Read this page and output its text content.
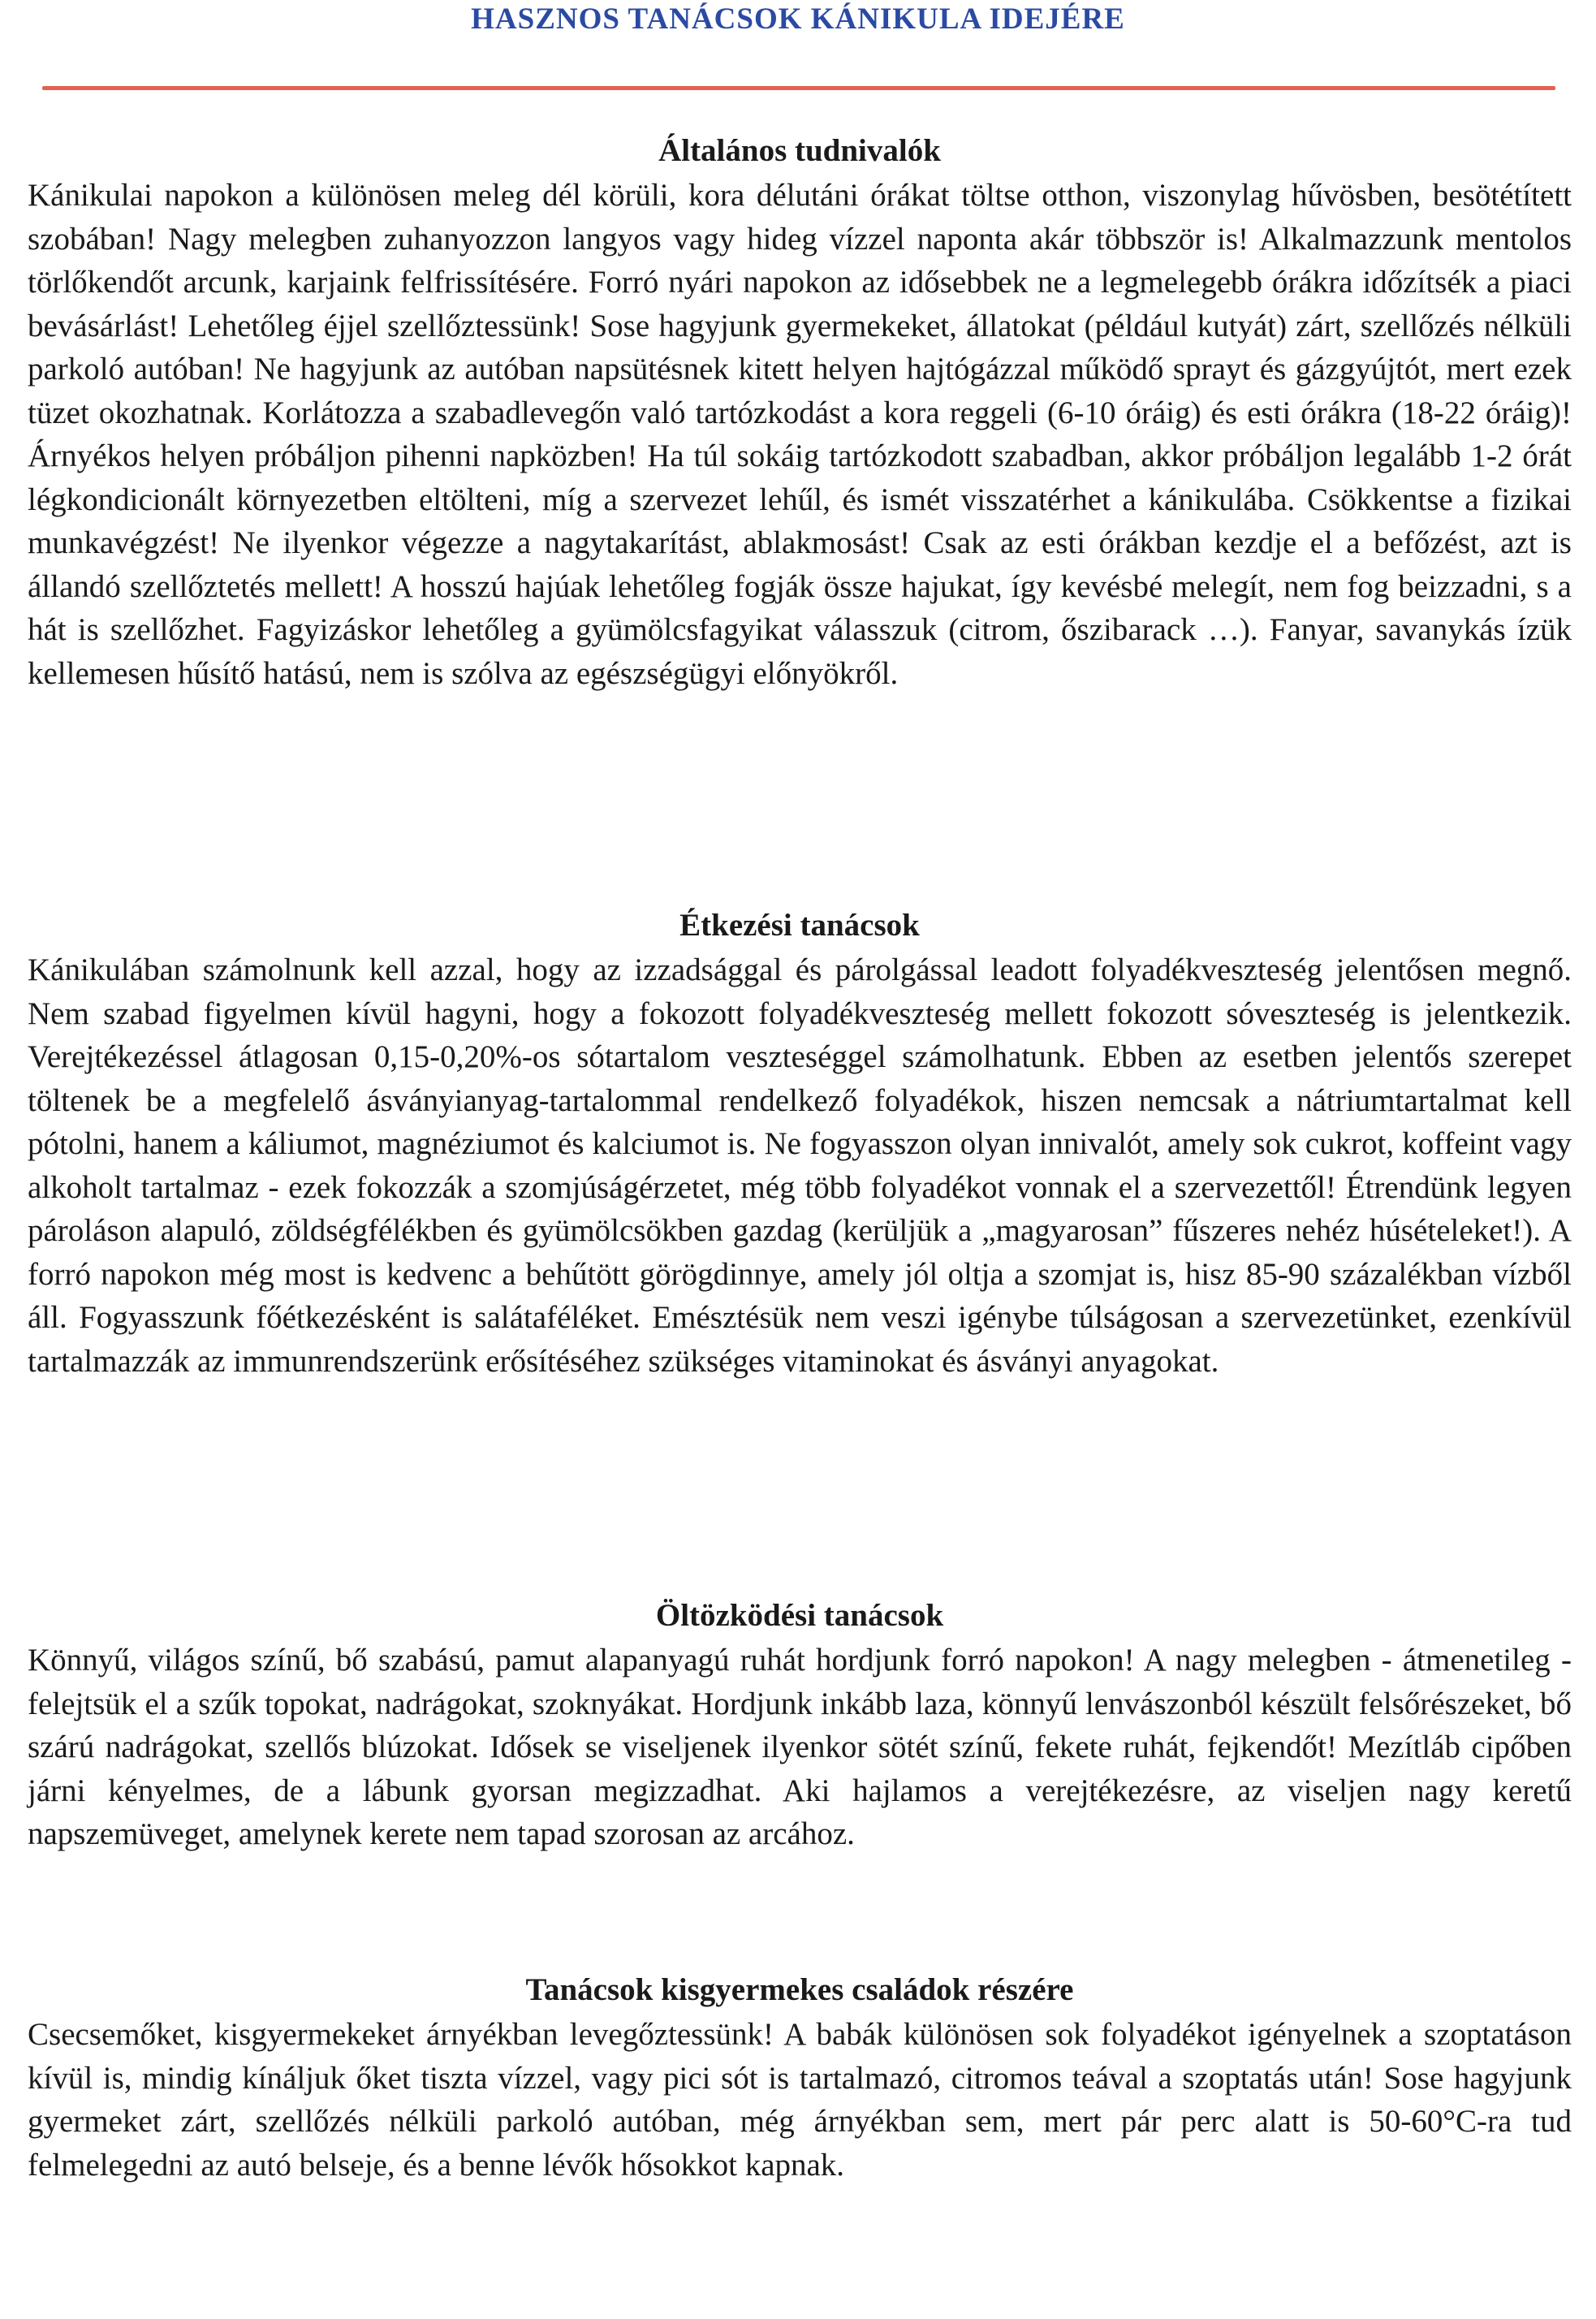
HASZNOS TANÁCSOK KÁNIKULA IDEJÉRE
Általános tudnivalók

Kánikulai napokon a különösen meleg dél körüli, kora délutáni órákat töltse otthon, viszonylag hűvösben, besötétített szobában! Nagy melegben zuhanyozzon langyos vagy hideg vízzel naponta akár többször is! Alkalmazzunk mentolos törlőkendőt arcunk, karjaink felfrissítésére. Forró nyári napokon az idősebbek ne a legmelegebb órákra időzítsék a piaci bevásárlást! Lehetőleg éjjel szellőztessünk! Sose hagyjunk gyermekeket, állatokat (például kutyát) zárt, szellőzés nélküli parkoló autóban! Ne hagyjunk az autóban napsütésnek kitett helyen hajtógázzal működő sprayt és gázgyújtót, mert ezek tüzet okozhatnak. Korlátozza a szabadlevegőn való tartózkodást a kora reggeli (6-10 óráig) és esti órákra (18-22 óráig)! Árnyékos helyen próbáljon pihenni napközben! Ha túl sokáig tartózkodott szabadban, akkor próbáljon legalább 1-2 órát légkondicionált környezetben eltölteni, míg a szervezet lehűl, és ismét visszatérhet a kánikulába. Csökkentse a fizikai munkavégzést! Ne ilyenkor végezze a nagytakarítást, ablakmosást! Csak az esti órákban kezdje el a befőzést, azt is állandó szellőztetés mellett! A hosszú hajúak lehetőleg fogják össze hajukat, így kevésbé melegít, nem fog beizzadni, s a hát is szellőzhet. Fagyizáskor lehetőleg a gyümölcsfagyikat válasszuk (citrom, őszibarack …). Fanyar, savanykás ízük kellemesen hűsítő hatású, nem is szólva az egészségügyi előnyökről.

Étkezési tanácsok

Kánikulában számolnunk kell azzal, hogy az izzadsággal és párolgással leadott folyadékveszteség jelentősen megnő. Nem szabad figyelmen kívül hagyni, hogy a fokozott folyadékveszteség mellett fokozott sóveszteség is jelentkezik. Verejtékezéssel átlagosan 0,15-0,20%-os sótartalom veszteséggel számolhatunk. Ebben az esetben jelentős szerepet töltenek be a megfelelő ásványianyag-tartalommal rendelkező folyadékok, hiszen nemcsak a nátriumtartalmat kell pótolni, hanem a káliumot, magnéziumot és kalciumot is. Ne fogyasszon olyan innivalót, amely sok cukrot, koffeint vagy alkoholt tartalmaz - ezek fokozzák a szomjúságérzetet, még több folyadékot vonnak el a szervezettől! Étrendünk legyen pároláson alapuló, zöldségfélékben és gyümölcsökben gazdag (kerüljük a „magyarosan” fűszeres nehéz húsételeket!). A forró napokon még most is kedvenc a behűtött görögdinnye, amely jól oltja a szomjat is, hisz 85-90 százalékban vízből áll. Fogyasszunk főétkezésként is salátaféléket. Emésztésük nem veszi igénybe túlságosan a szervezetünket, ezenkívül tartalmazzák az immunrendszerünk erősítéséhez szükséges vitaminokat és ásványi anyagokat.

Öltözködési tanácsok

Könnyű, világos színű, bő szabású, pamut alapanyagú ruhát hordjunk forró napokon! A nagy melegben - átmenetileg - felejtsük el a szűk topokat, nadrágokat, szoknyákat. Hordjunk inkább laza, könnyű lenvászonból készült felsőrészeket, bő szárú nadrágokat, szellős blúzokat. Idősek se viseljenek ilyenkor sötét színű, fekete ruhát, fejkendőt! Mezítláb cipőben járni kényelmes, de a lábunk gyorsan megizzadhat. Aki hajlamos a verejtékezésre, az viseljen nagy keretű napszemüveget, amelynek kerete nem tapad szorosan az arcához.

Tanácsok kisgyermekes családok részére

Csecsemőket, kisgyermekeket árnyékban levegőztessünk! A babák különösen sok folyadékot igényelnek a szoptatáson kívül is, mindig kínáljuk őket tiszta vízzel, vagy pici sót is tartalmazó, citromos teával a szoptatás után! Sose hagyjunk gyermeket zárt, szellőzés nélküli parkoló autóban, még árnyékban sem, mert pár perc alatt is 50-60°C-ra tud felmelegedni az autó belseje, és a benne lévők hősokkot kapnak.
